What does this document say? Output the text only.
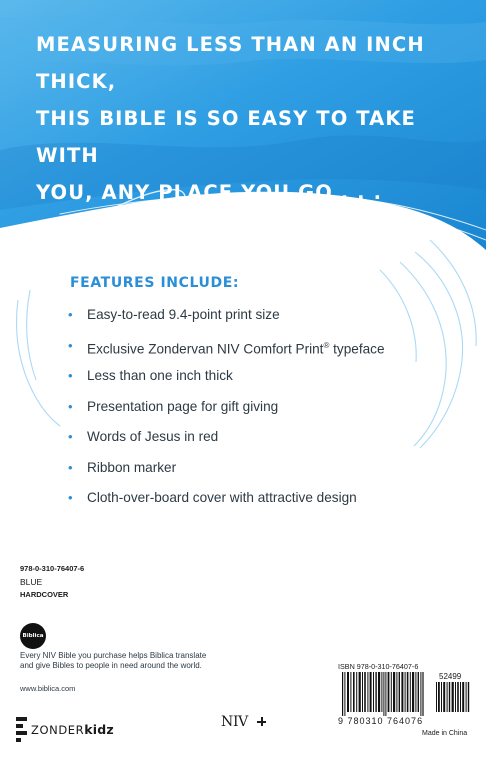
MEASURING LESS THAN AN INCH THICK,
THIS BIBLE IS SO EASY TO TAKE WITH
YOU, ANY PLACE YOU GO . . . SCHOOL,
CHURCH, WHEREVER.

FEATURES INCLUDE:
• Easy-to-read 9.4-point print size
• Exclusive Zondervan NIV Comfort Print® typeface
• Less than one inch thick
• Presentation page for gift giving
• Words of Jesus in red
• Ribbon marker
• Cloth-over-board cover with attractive design
978-0-310-76407-6
BLUE
HARDCOVER
Biblica

Every NIV Bible you purchase helps Biblica translate and give Bibles to people in need around the world.

www.biblica.com
ZONDERkidz	NIV
ISBN 978-0-310-76407-6
52499
9 780310 764076
Made in China
